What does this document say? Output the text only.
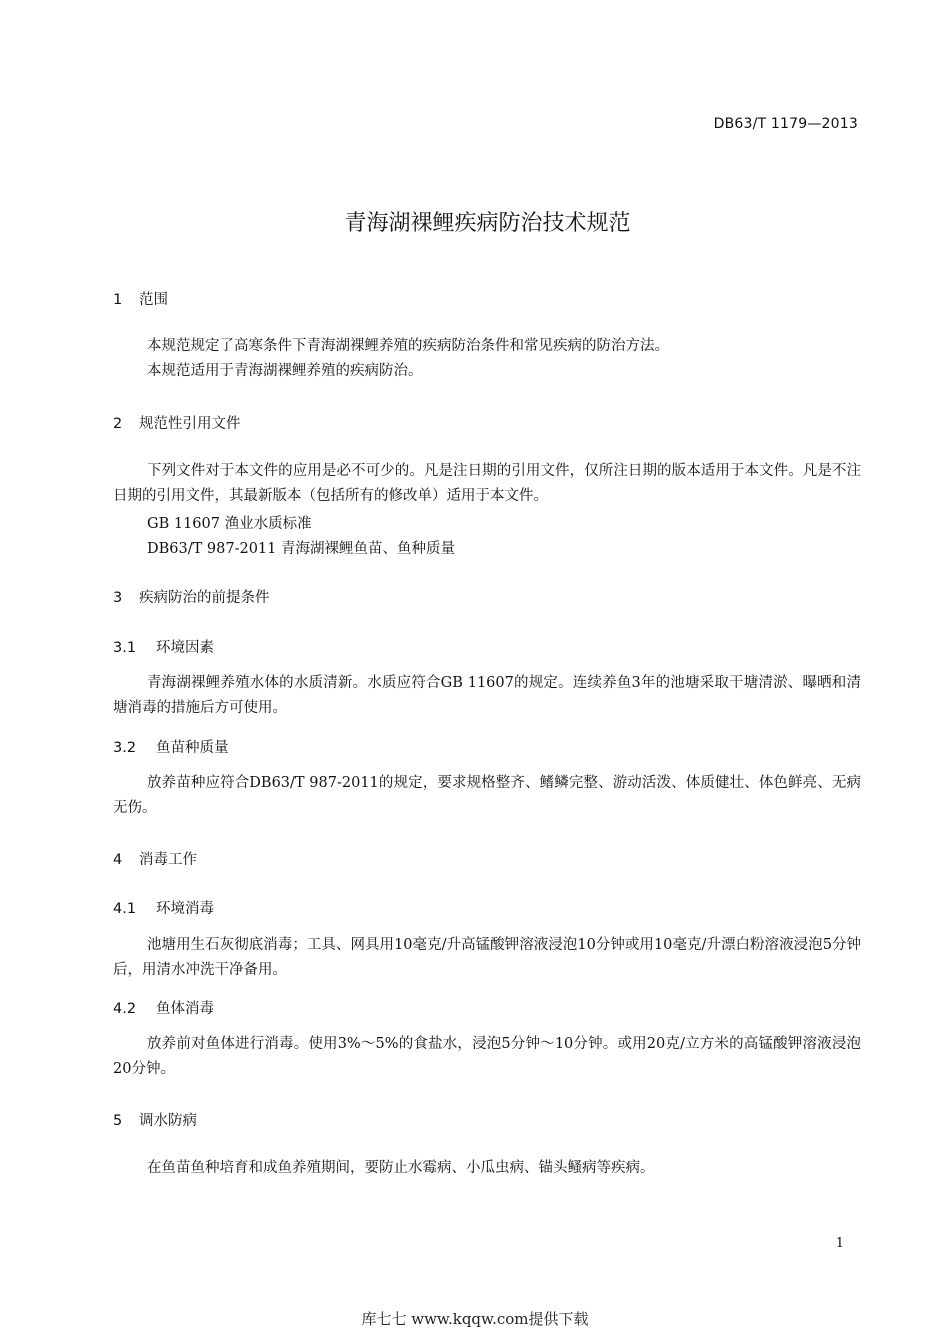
DB63/T 1179—2013
青海湖裸鲤疾病防治技术规范
1 范围

本规范规定了高寒条件下青海湖裸鲤养殖的疾病防治条件和常见疾病的防治方法。

本规范适用于青海湖裸鲤养殖的疾病防治。

2 规范性引用文件

下列文件对于本文件的应用是必不可少的。凡是注日期的引用文件，仅所注日期的版本适用于本文件。凡是不注日期的引用文件，其最新版本（包括所有的修改单）适用于本文件。

GB 11607 渔业水质标准
DB63/T 987-2011 青海湖裸鲤鱼苗、鱼种质量
3 疾病防治的前提条件
3.1 环境因素

青海湖裸鲤养殖水体的水质清新。水质应符合GB 11607的规定。连续养鱼3年的池塘采取干塘清淤、曝晒和清塘消毒的措施后方可使用。

3.2 鱼苗种质量

放养苗种应符合DB63/T 987-2011的规定，要求规格整齐、鳍鳞完整、游动活泼、体质健壮、体色鲜亮、无病无伤。

4 消毒工作
4.1 环境消毒

池塘用生石灰彻底消毒；工具、网具用10毫克/升高锰酸钾溶液浸泡10分钟或用10毫克/升漂白粉溶液浸泡5分钟后，用清水冲洗干净备用。

4.2 鱼体消毒

放养前对鱼体进行消毒。使用3%～5%的食盐水，浸泡5分钟～10分钟。或用20克/立方米的高锰酸钾溶液浸泡20分钟。

5 调水防病

在鱼苗鱼种培育和成鱼养殖期间，要防止水霉病、小瓜虫病、锚头鳋病等疾病。

1
库七七 www.kqqw.com提供下载
